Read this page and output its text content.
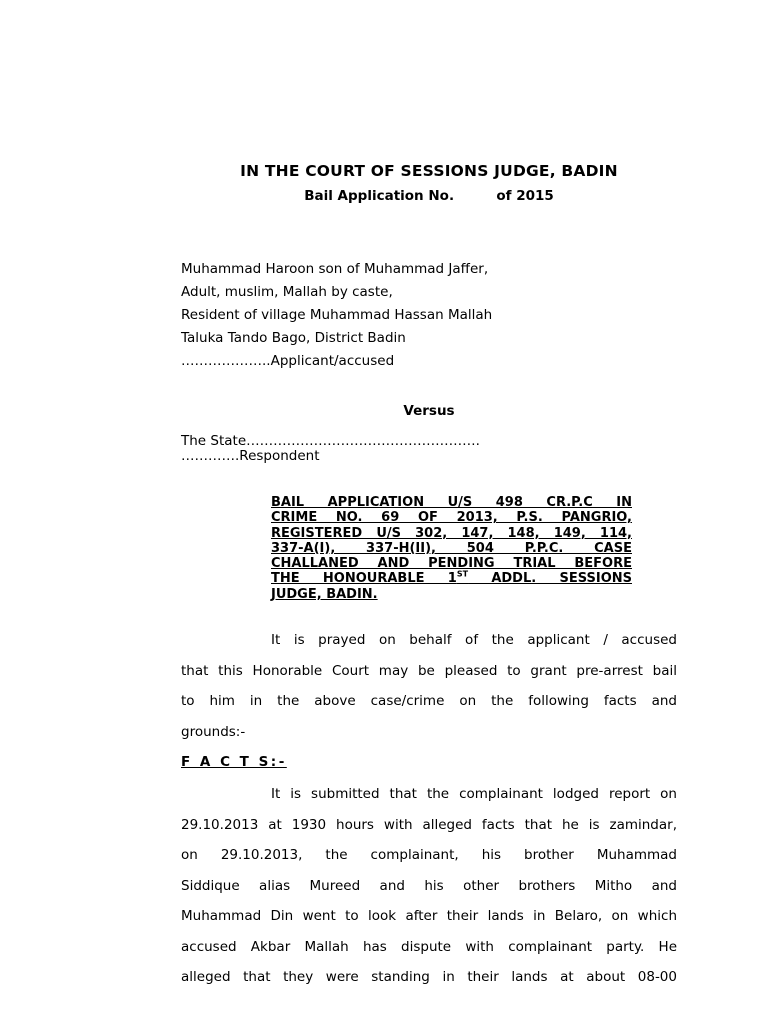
IN THE COURT OF SESSIONS JUDGE, BADIN
Bail Application No.         of 2015
Muhammad Haroon son of Muhammad Jaffer,
Adult, muslim, Mallah by caste,
Resident of village Muhammad Hassan Mallah
Taluka Tando Bago, District Badin
………………..Applicant/accused
Versus
The State…………………………………………….
………….Respondent
BAIL APPLICATION U/S 498 CR.P.C IN
CRIME NO. 69 OF 2013, P.S. PANGRIO,
REGISTERED U/S 302, 147, 148, 149, 114,
337-A(I), 337-H(II), 504 P.P.C. CASE
CHALLANED AND PENDING TRIAL BEFORE
THE HONOURABLE 1ST ADDL. SESSIONS
JUDGE, BADIN.
It is prayed on behalf of the applicant / accused
that this Honorable Court may be pleased to grant pre-arrest bail
to him in the above case/crime on the following facts and
grounds:-
F A C T S:-
It is submitted that the complainant lodged report on
29.10.2013 at 1930 hours with alleged facts that he is zamindar,
on 29.10.2013, the complainant, his brother Muhammad
Siddique alias Mureed and his other brothers Mitho and
Muhammad Din went to look after their lands in Belaro, on which
accused Akbar Mallah has dispute with complainant party. He
alleged that they were standing in their lands at about 08-00
